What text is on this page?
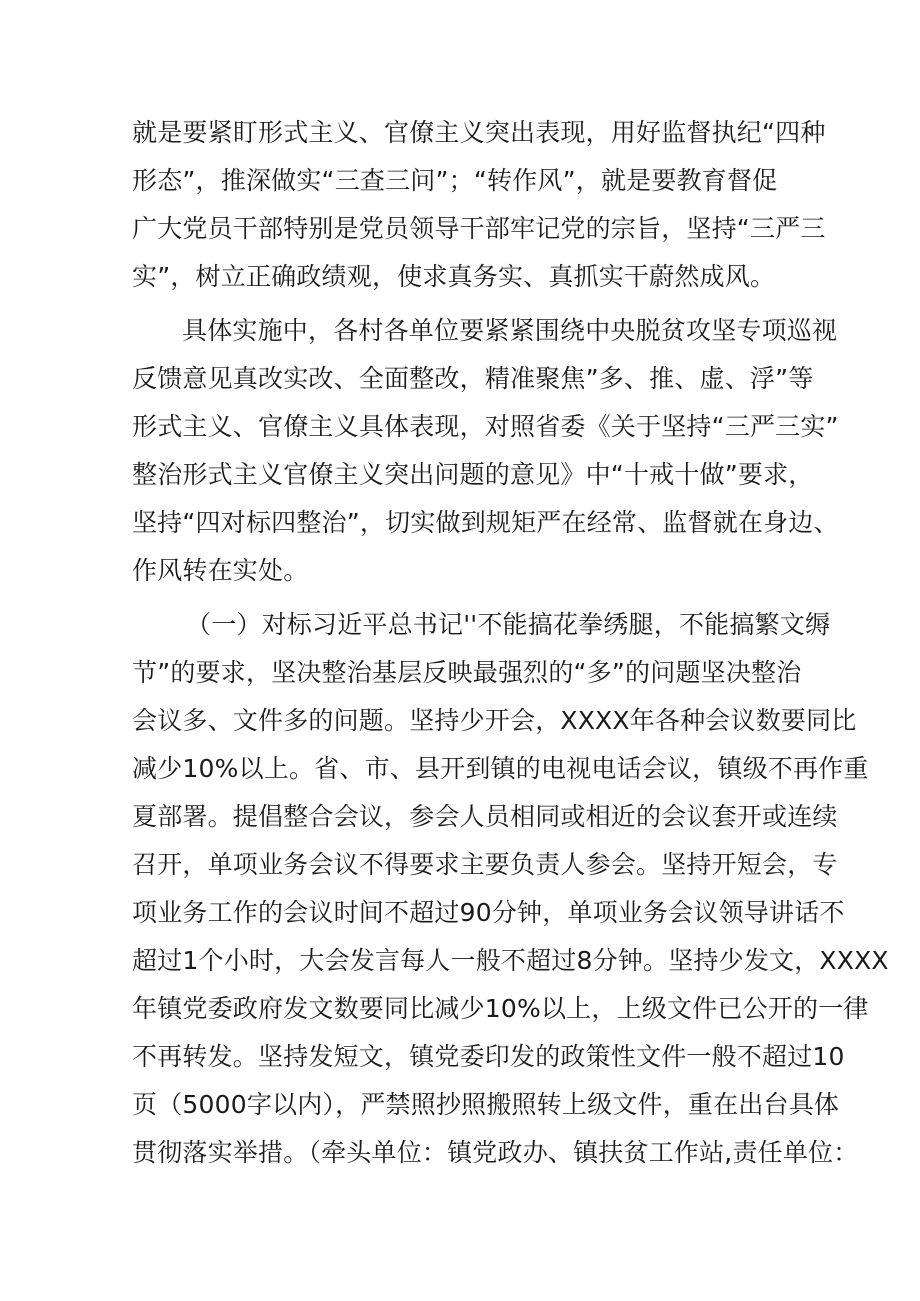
就是要紧盯形式主义、官僚主义突出表现，用好监督执纪“四种
形态”，推深做实“三查三问”；“转作风”，就是要教育督促
广大党员干部特别是党员领导干部牢记党的宗旨，坚持“三严三
实”，树立正确政绩观，使求真务实、真抓实干蔚然成风。
具体实施中，各村各单位要紧紧围绕中央脱贫攻坚专项巡视
反馈意见真改实改、全面整改，精准聚焦”多、推、虚、浮”等
形式主义、官僚主义具体表现，对照省委《关于坚持“三严三实”
整治形式主义官僚主义突出问题的意见》中“十戒十做”要求，
坚持“四对标四整治”，切实做到规矩严在经常、监督就在身边、
作风转在实处。
（一）对标习近平总书记''不能搞花拳绣腿，不能搞繁文缛
节”的要求，坚决整治基层反映最强烈的“多”的问题坚决整治
会议多、文件多的问题。坚持少开会，XXXX年各种会议数要同比
减少10%以上。省、市、县开到镇的电视电话会议，镇级不再作重
夏部署。提倡整合会议，参会人员相同或相近的会议套开或连续
召开，单项业务会议不得要求主要负责人参会。坚持开短会，专
项业务工作的会议时间不超过90分钟，单项业务会议领导讲话不
超过1个小时，大会发言每人一般不超过8分钟。坚持少发文，XXXX
年镇党委政府发文数要同比减少10%以上，上级文件已公开的一律
不再转发。坚持发短文，镇党委印发的政策性文件一般不超过10
页（5000字以内），严禁照抄照搬照转上级文件，重在出台具体
贯彻落实举措。（牵头单位：镇党政办、镇扶贫工作站,责任单位：
